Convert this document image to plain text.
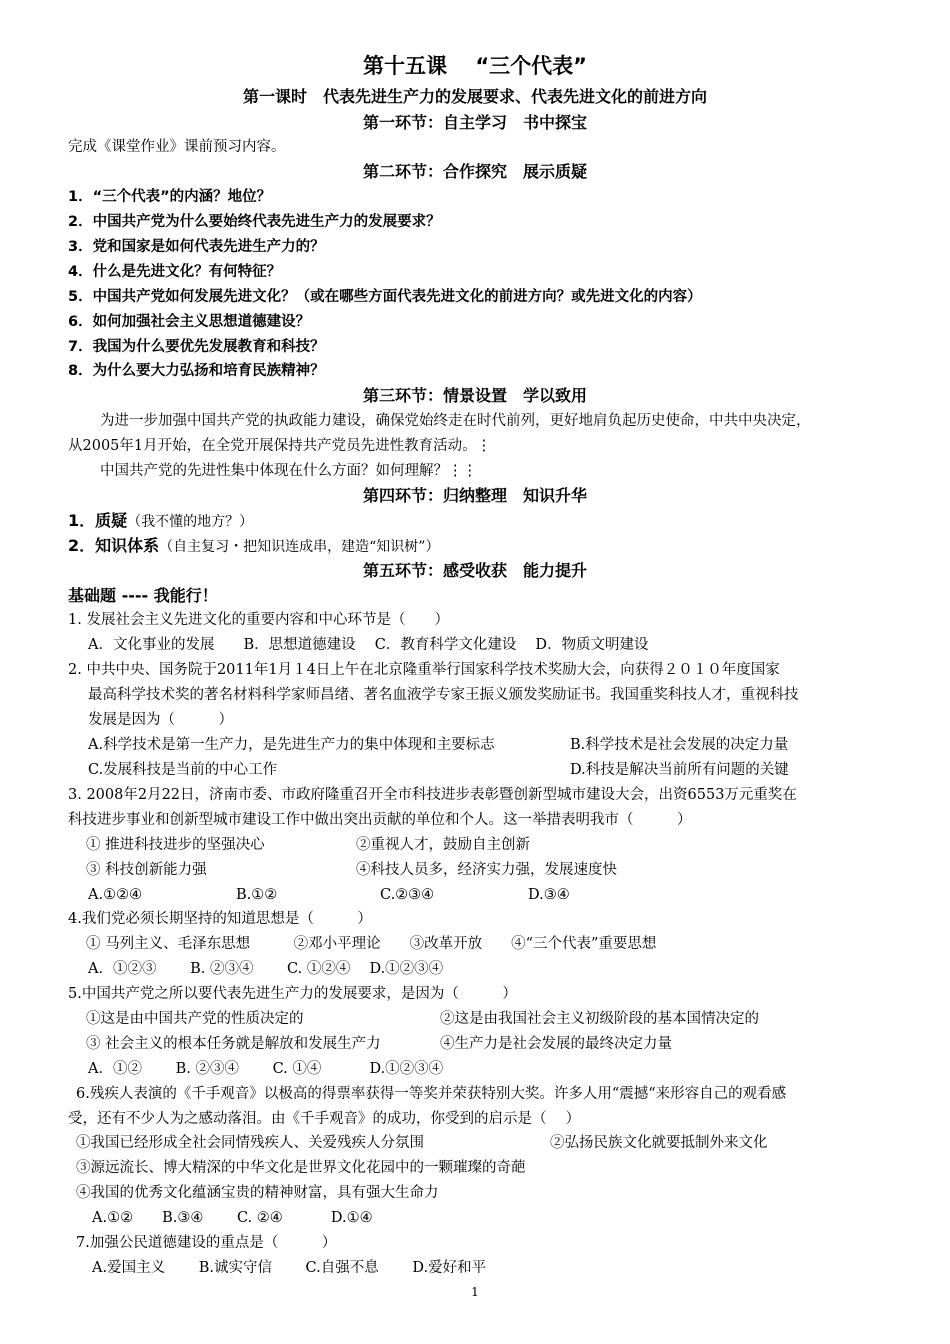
第十五课　 “三个代表”
第一课时　代表先进生产力的发展要求、代表先进文化的前进方向
第一环节：自主学习　书中探宝
完成《课堂作业》课前预习内容。
第二环节：合作探究　展示质疑
1．“三个代表”的内涵？地位？
2．中国共产党为什么要始终代表先进生产力的发展要求？
3．党和国家是如何代表先进生产力的？
4．什么是先进文化？有何特征？
5．中国共产党如何发展先进文化？（或在哪些方面代表先进文化的前进方向？或先进文化的内容）
6．如何加强社会主义思想道德建设？
7．我国为什么要优先发展教育和科技？
8．为什么要大力弘扬和培育民族精神？
第三环节：情景设置　学以致用
为进一步加强中国共产党的执政能力建设，确保党始终走在时代前列，更好地肩负起历史使命，中共中央决定，
从2005年1月开始，在全党开展保持共产党员先进性教育活动。⋮
中国共产党的先进性集中体现在什么方面？如何理解？⋮⋮
第四环节：归纳整理　知识升华
1．质疑（我不懂的地方？）
2．知识体系（自主复习・把知识连成串，建造“知识树”）
第五环节：感受收获　能力提升
基础题 ---- 我能行！
1. 发展社会主义先进文化的重要内容和中心环节是（　　）
A．文化事业的发展　　B．思想道德建设　 C．教育科学文化建设　 D．物质文明建设
2. 中共中央、国务院于2011年1月１4日上午在北京隆重举行国家科学技术奖励大会，向获得２０１０年度国家
最高科学技术奖的著名材料科学家师昌绪、著名血液学专家王振义颁发奖励证书。我国重奖科技人才，重视科技
发展是因为（　　　）
A.科学技术是第一生产力，是先进生产力的集中体现和主要标志	B.科学技术是社会发展的决定力量
C.发展科技是当前的中心工作	D.科技是解决当前所有问题的关键
3. 2008年2月22日，济南市委、市政府隆重召开全市科技进步表彰暨创新型城市建设大会，出资6553万元重奖在
科技进步事业和创新型城市建设工作中做出突出贡献的单位和个人。这一举措表明我市（　　　）
① 推进科技进步的坚强决心	②重视人才，鼓励自主创新
③ 科技创新能力强	④科技人员多，经济实力强，发展速度快
A.①②④	B.①②	C.②③④	D.③④
4.我们党必须长期坚持的知道思想是（　　　）
① 马列主义、毛泽东思想　　　②邓小平理论　　③改革开放　　④“三个代表”重要思想
A．①②③　　 B. ②③④　　 C. ①②④　 D.①②③④
5.中国共产党之所以要代表先进生产力的发展要求，是因为（　　　）
①这是由中国共产党的性质决定的	②这是由我国社会主义初级阶段的基本国情决定的
③ 社会主义的根本任务就是解放和发展生产力	④生产力是社会发展的最终决定力量
A．①②　　 B. ②③④　　 C. ①④　　　 D.①②③④
6.残疾人表演的《千手观音》以极高的得票率获得一等奖并荣获特别大奖。许多人用“震撼“来形容自己的观看感
受，还有不少人为之感动落泪。由《千手观音》的成功，你受到的启示是（　 ）
①我国已经形成全社会同情残疾人、关爱残疾人分氛围	②弘扬民族文化就要抵制外来文化
③源远流长、博大精深的中华文化是世界文化花园中的一颗璀璨的奇葩
④我国的优秀文化蕴涵宝贵的精神财富，具有强大生命力
A.①②　　B.③④　　 C. ②④　　　 D.①④
7.加强公民道德建设的重点是（　　　）
A.爱国主义　　 B.诚实守信　　 C.自强不息　　 D.爱好和平
1
